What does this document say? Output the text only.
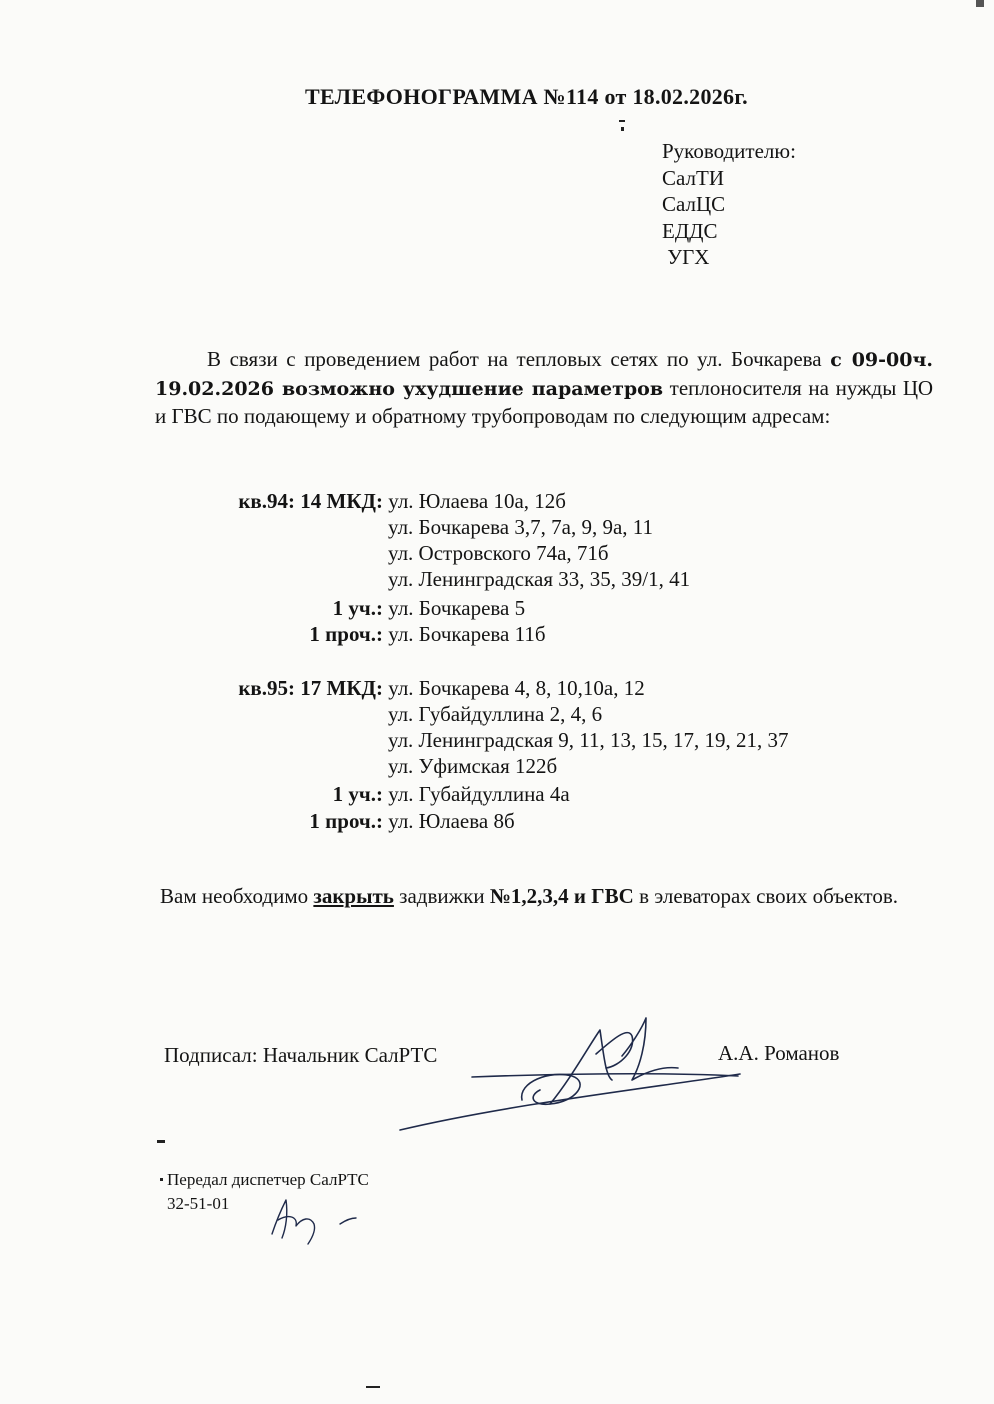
ТЕЛЕФОНОГРАММА №114 от 18.02.2026г.
Руководителю:
СалТИ
СалЦС
ЕДДС
УГХ
В связи с проведением работ на тепловых сетях по ул. Бочкарева с 09-00ч. 19.02.2026 возможно ухудшение параметров теплоносителя на нужды ЦО и ГВС по подающему и обратному трубопроводам по следующим адресам:
кв.94: 14 МКД: ул. Юлаева 10а, 12б
ул. Бочкарева 3,7, 7а, 9, 9а, 11
ул. Островского 74а, 71б
ул. Ленинградская 33, 35, 39/1, 41
1 уч.: ул. Бочкарева 5
1 проч.: ул. Бочкарева 11б
кв.95: 17 МКД: ул. Бочкарева 4, 8, 10,10а, 12
ул. Губайдуллина 2, 4, 6
ул. Ленинградская 9, 11, 13, 15, 17, 19, 21, 37
ул. Уфимская 122б
1 уч.: ул. Губайдуллина 4а
1 проч.: ул. Юлаева 8б
Вам необходимо закрыть задвижки №1,2,3,4 и ГВС в элеваторах своих объектов.
Подписал: Начальник СалРТС	А.А. Романов
Передал диспетчер СалРТС
32-51-01
